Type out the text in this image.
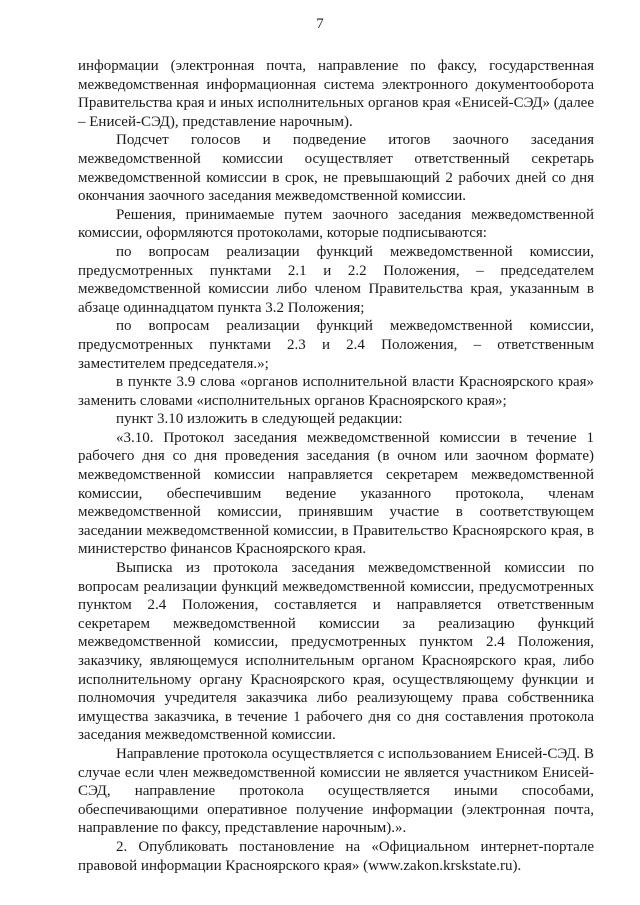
7

информации (электронная почта, направление по факсу, государственная межведомственная информационная система электронного документооборота Правительства края и иных исполнительных органов края «Енисей-СЭД» (далее – Енисей-СЭД), представление нарочным).

Подсчет голосов и подведение итогов заочного заседания межведомственной комиссии осуществляет ответственный секретарь межведомственной комиссии в срок, не превышающий 2 рабочих дней со дня окончания заочного заседания межведомственной комиссии.

Решения, принимаемые путем заочного заседания межведомственной комиссии, оформляются протоколами, которые подписываются:

по вопросам реализации функций межведомственной комиссии, предусмотренных пунктами 2.1 и 2.2 Положения, – председателем межведомственной комиссии либо членом Правительства края, указанным в абзаце одиннадцатом пункта 3.2 Положения;

по вопросам реализации функций межведомственной комиссии, предусмотренных пунктами 2.3 и 2.4 Положения, – ответственным заместителем председателя.»;

в пункте 3.9 слова «органов исполнительной власти Красноярского края» заменить словами «исполнительных органов Красноярского края»;

пункт 3.10 изложить в следующей редакции:

«3.10. Протокол заседания межведомственной комиссии в течение 1 рабочего дня со дня проведения заседания (в очном или заочном формате) межведомственной комиссии направляется секретарем межведомственной комиссии, обеспечившим ведение указанного протокола, членам межведомственной комиссии, принявшим участие в соответствующем заседании межведомственной комиссии, в Правительство Красноярского края, в министерство финансов Красноярского края.

Выписка из протокола заседания межведомственной комиссии по вопросам реализации функций межведомственной комиссии, предусмотренных пунктом 2.4 Положения, составляется и направляется ответственным секретарем межведомственной комиссии за реализацию функций межведомственной комиссии, предусмотренных пунктом 2.4 Положения, заказчику, являющемуся исполнительным органом Красноярского края, либо исполнительному органу Красноярского края, осуществляющему функции и полномочия учредителя заказчика либо реализующему права собственника имущества заказчика, в течение 1 рабочего дня со дня составления протокола заседания межведомственной комиссии.

Направление протокола осуществляется с использованием Енисей-СЭД. В случае если член межведомственной комиссии не является участником Енисей-СЭД, направление протокола осуществляется иными способами, обеспечивающими оперативное получение информации (электронная почта, направление по факсу, представление нарочным).».

2. Опубликовать постановление на «Официальном интернет-портале правовой информации Красноярского края» (www.zakon.krskstate.ru).
